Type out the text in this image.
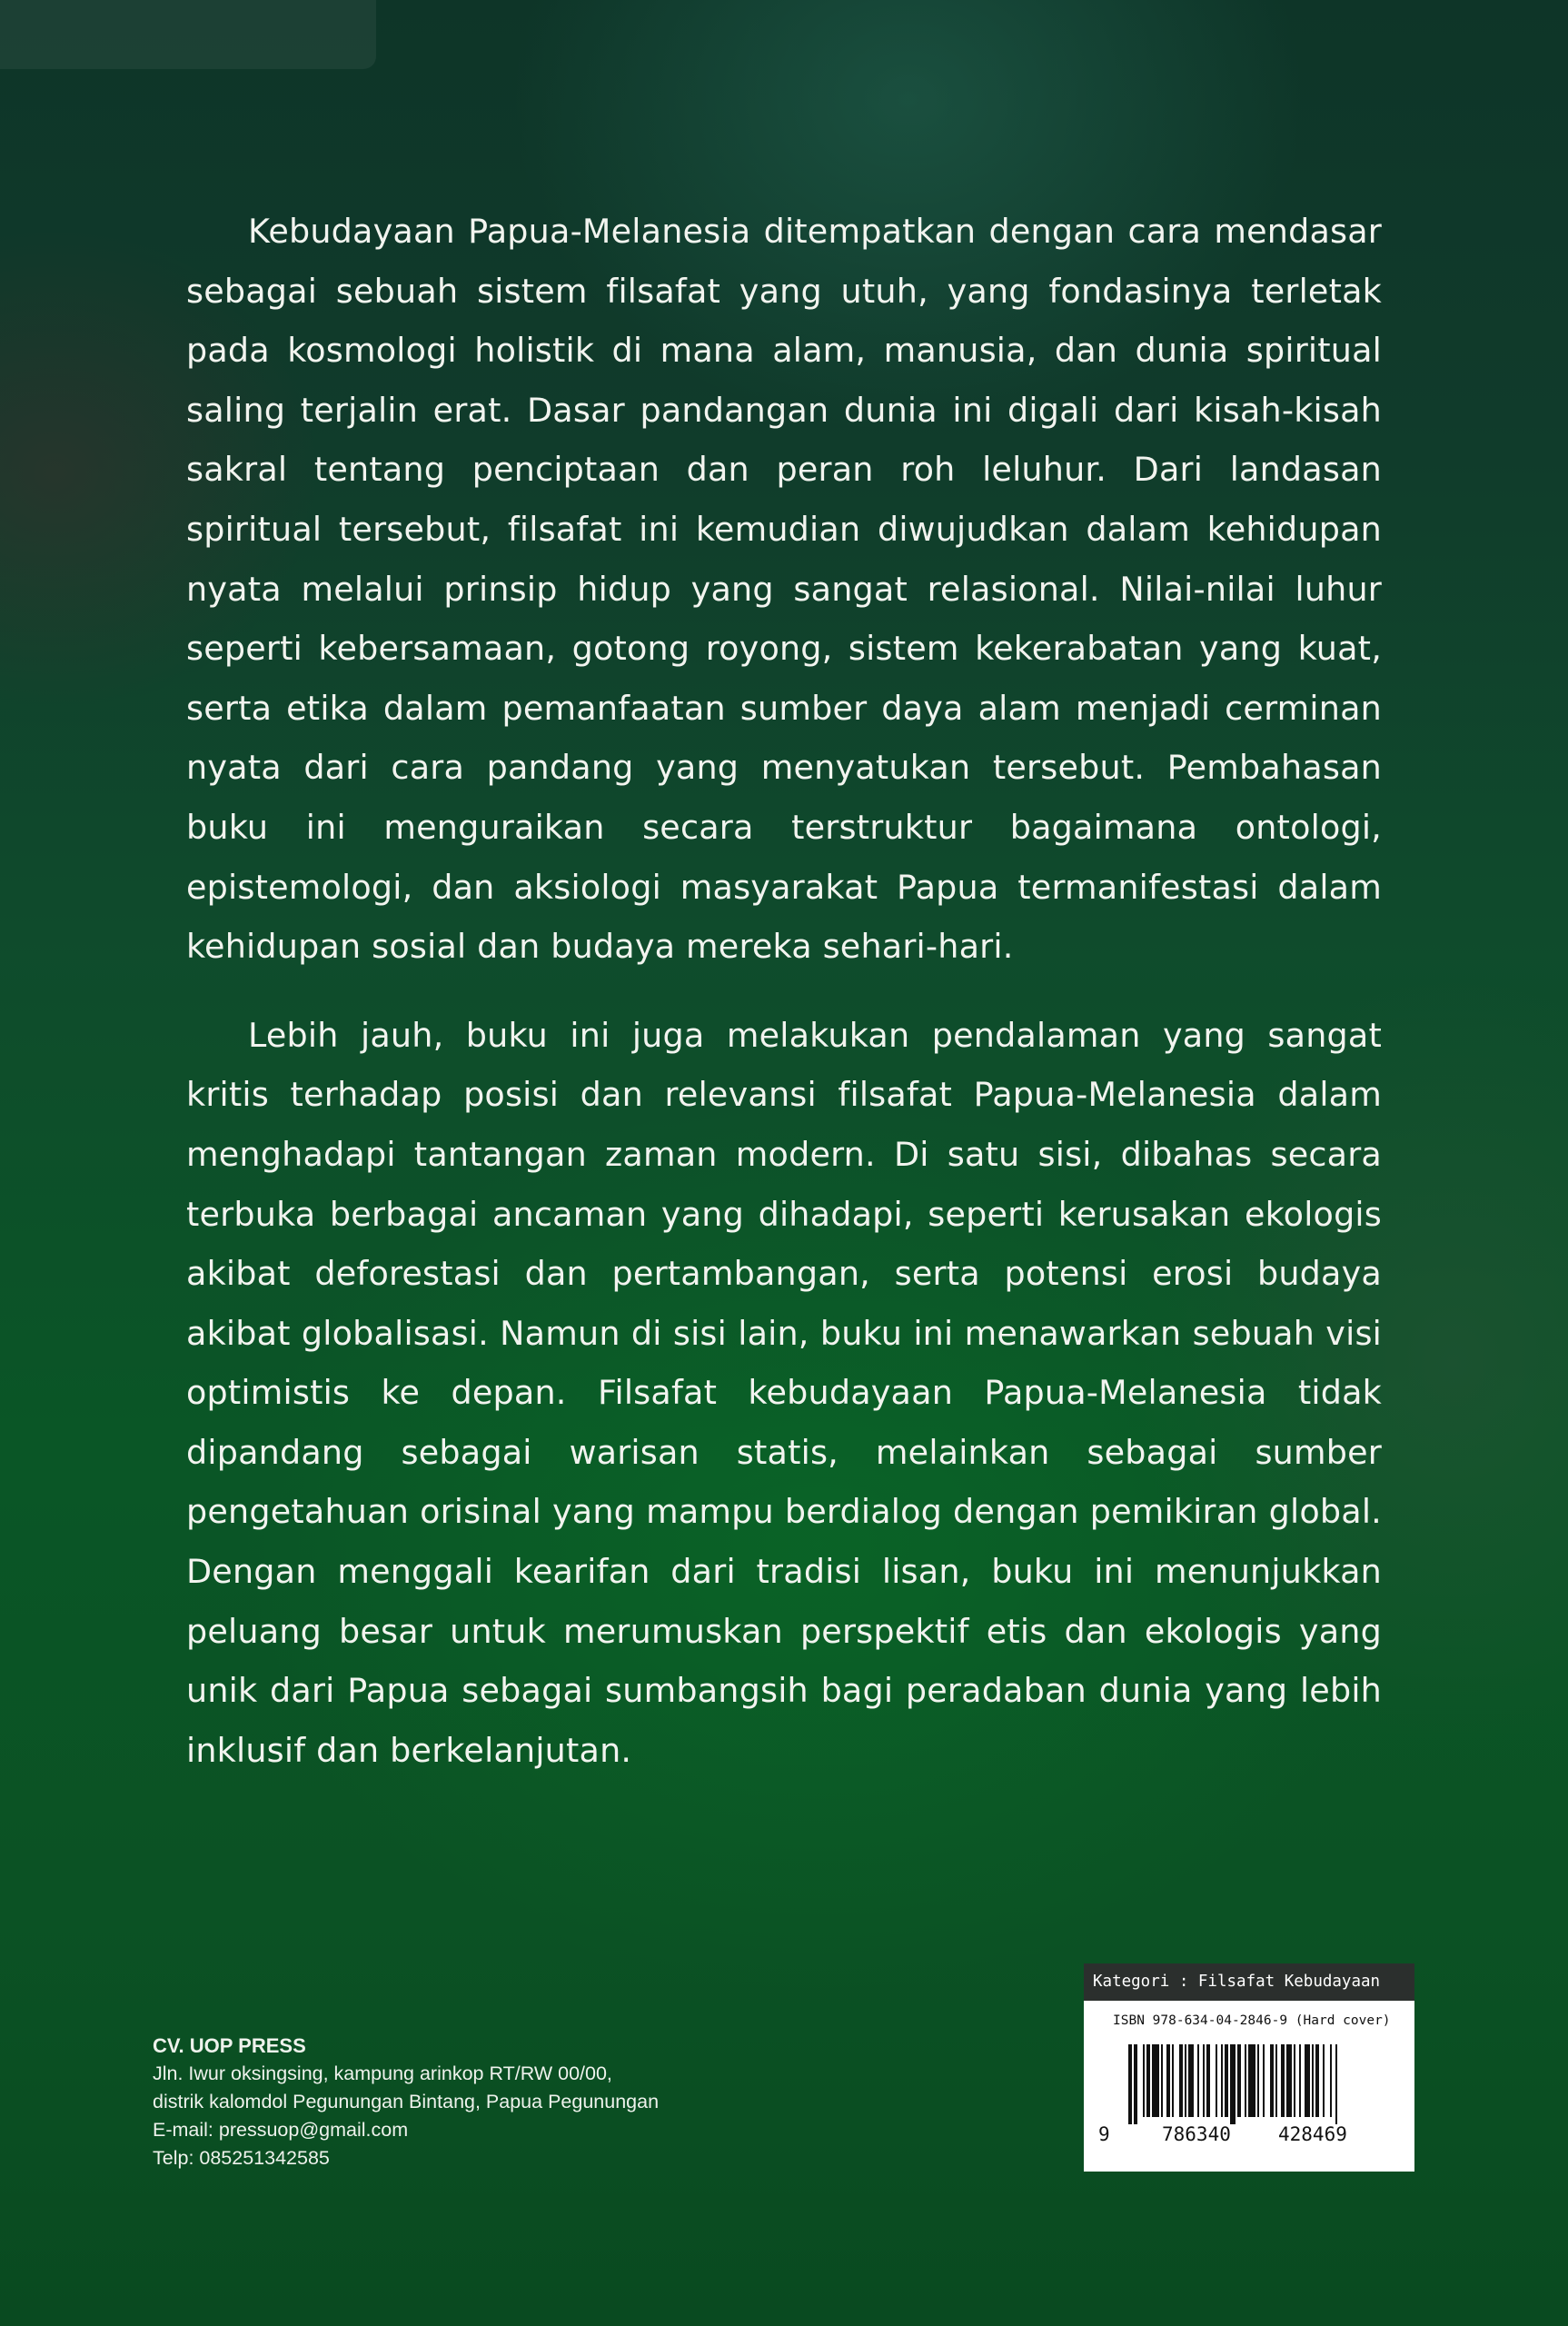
Kebudayaan Papua-Melanesia ditempatkan dengan cara mendasar sebagai sebuah sistem filsafat yang utuh, yang fondasinya terletak pada kosmologi holistik di mana alam, manusia, dan dunia spiritual saling terjalin erat. Dasar pandangan dunia ini digali dari kisah-kisah sakral tentang penciptaan dan peran roh leluhur. Dari landasan spiritual tersebut, filsafat ini kemudian diwujudkan dalam kehidupan nyata melalui prinsip hidup yang sangat relasional. Nilai-nilai luhur seperti kebersamaan, gotong royong, sistem kekerabatan yang kuat, serta etika dalam pemanfaatan sumber daya alam menjadi cerminan nyata dari cara pandang yang menyatukan tersebut. Pembahasan buku ini menguraikan secara terstruktur bagaimana ontologi, epistemologi, dan aksiologi masyarakat Papua termanifestasi dalam kehidupan sosial dan budaya mereka sehari-hari.

Lebih jauh, buku ini juga melakukan pendalaman yang sangat kritis terhadap posisi dan relevansi filsafat Papua-Melanesia dalam menghadapi tantangan zaman modern. Di satu sisi, dibahas secara terbuka berbagai ancaman yang dihadapi, seperti kerusakan ekologis akibat deforestasi dan pertambangan, serta potensi erosi budaya akibat globalisasi. Namun di sisi lain, buku ini menawarkan sebuah visi optimistis ke depan. Filsafat kebudayaan Papua-Melanesia tidak dipandang sebagai warisan statis, melainkan sebagai sumber pengetahuan orisinal yang mampu berdialog dengan pemikiran global. Dengan menggali kearifan dari tradisi lisan, buku ini menunjukkan peluang besar untuk merumuskan perspektif etis dan ekologis yang unik dari Papua sebagai sumbangsih bagi peradaban dunia yang lebih inklusif dan berkelanjutan.

CV. UOP PRESS
Jln. Iwur oksingsing, kampung arinkop RT/RW 00/00,
distrik kalomdol Pegunungan Bintang, Papua Pegunungan
E-mail: pressuop@gmail.com
Telp: 085251342585
Kategori : Filsafat Kebudayaan
ISBN 978-634-04-2846-9 (Hard cover)
9	786340 428469
